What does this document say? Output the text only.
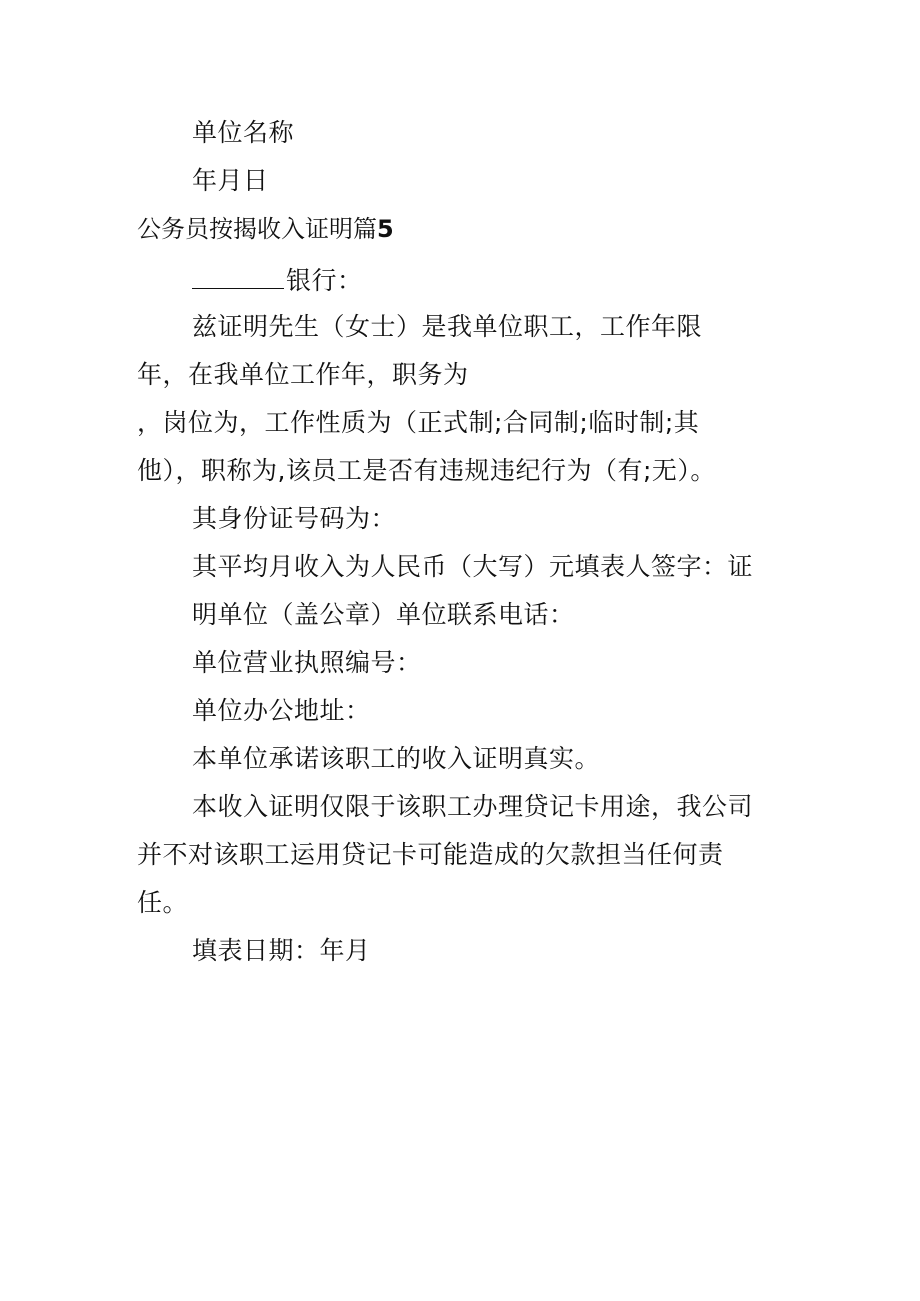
单位名称
年月日
公务员按揭收入证明篇5
银行：
兹证明先生（女士）是我单位职工，工作年限
年，在我单位工作年，职务为
，岗位为，工作性质为（正式制;合同制;临时制;其
他），职称为,该员工是否有违规违纪行为（有;无）。
其身份证号码为：
其平均月收入为人民币（大写）元填表人签字：证
明单位（盖公章）单位联系电话：
单位营业执照编号：
单位办公地址：
本单位承诺该职工的收入证明真实。
本收入证明仅限于该职工办理贷记卡用途，我公司
并不对该职工运用贷记卡可能造成的欠款担当任何责
任。
填表日期：年月
